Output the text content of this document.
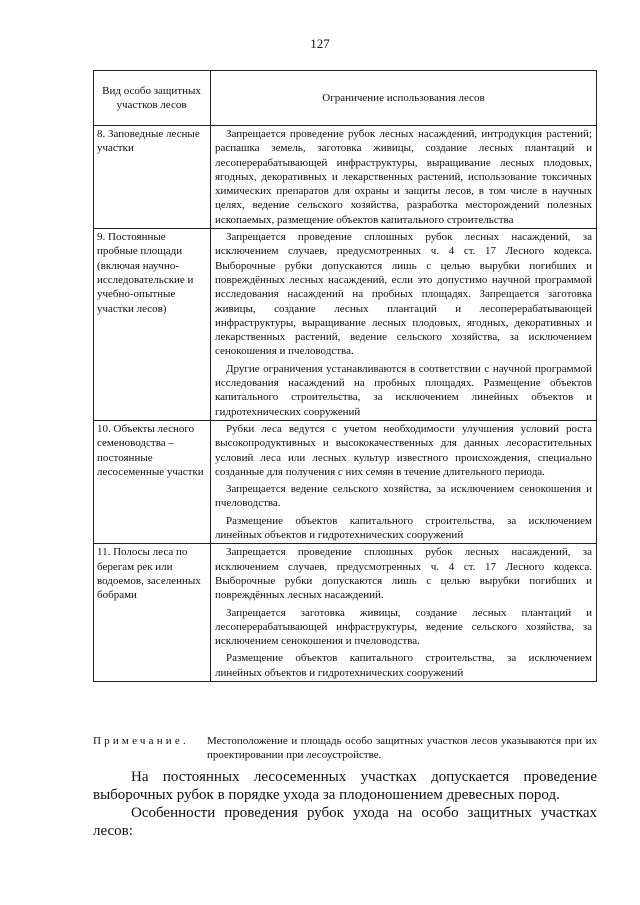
127
Вид особо защитных участков лесов	Ограничение использования лесов
8. Заповедные лесные участки	Запрещается проведение рубок лесных насаждений, интродукция растений; распашка земель, заготовка живицы, создание лесных плантаций и лесоперерабатывающей инфраструктуры, выращивание лесных плодовых, ягодных, декоративных и лекарственных растений, использование токсичных химических препаратов для охраны и защиты лесов, в том числе в научных целях, ведение сельского хозяйства, разработка месторождений полезных ископаемых, размещение объектов капитального строительства

9. Постоянные пробные площади (включая научно-исследовательские и учебно-опытные участки лесов)	Запрещается проведение сплошных рубок лесных насаждений, за исключением случаев, предусмотренных ч. 4 ст. 17 Лесного кодекса. Выборочные рубки допускаются лишь с целью вырубки погибших и повреждённых лесных насаждений, если это допустимо научной программой исследования насаждений на пробных площадях. Запрещается заготовка живицы, создание лесных плантаций и лесоперерабатывающей инфраструктуры, выращивание лесных плодовых, ягодных, декоративных и лекарственных растений, ведение сельского хозяйства, за исключением сенокошения и пчеловодства.

Другие ограничения устанавливаются в соответствии с научной программой исследования насаждений на пробных площадях. Размещение объектов капитального строительства, за исключением линейных объектов и гидротехнических сооружений

10. Объекты лесного семеноводства – постоянные лесосеменные участки	Рубки леса ведутся с учетом необходимости улучшения условий роста высокопродуктивных и высококачественных для данных лесорастительных условий леса или лесных культур известного происхождения, специально созданные для получения с них семян в течение длительного периода.

Запрещается ведение сельского хозяйства, за исключением сенокошения и пчеловодства.

Размещение объектов капитального строительства, за исключением линейных объектов и гидротехнических сооружений

11. Полосы леса по берегам рек или водоемов, заселенных бобрами	Запрещается проведение сплошных рубок лесных насаждений, за исключением случаев, предусмотренных ч. 4 ст. 17 Лесного кодекса. Выборочные рубки допускаются лишь с целью вырубки погибших и повреждённых лесных насаждений.

Запрещается заготовка живицы, создание лесных плантаций и лесоперерабатывающей инфраструктуры, ведение сельского хозяйства, за исключением сенокошения и пчеловодства.

Размещение объектов капитального строительства, за исключением линейных объектов и гидротехнических сооружений

Примечание. Местоположение и площадь особо защитных участков лесов указываются при их проектировании при лесоустройстве.

На постоянных лесосеменных участках допускается проведение выборочных рубок в порядке ухода за плодоношением древесных пород.

Особенности проведения рубок ухода на особо защитных участках лесов:
